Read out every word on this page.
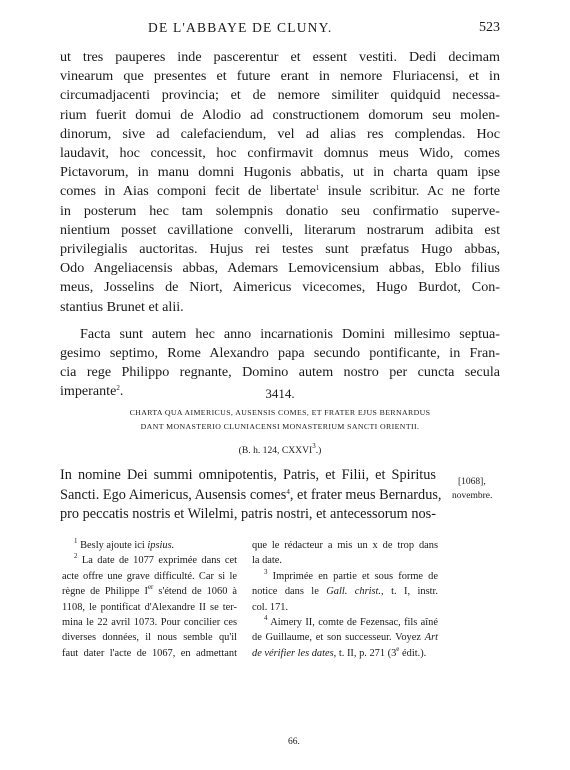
DE L'ABBAYE DE CLUNY.	523

ut tres pauperes inde pascerentur et essent vestiti. Dedi decimam
vinearum que presentes et future erant in nemore Fluriacensi, et in
circumadjacenti provincia; et de nemore similiter quidquid necessa-
rium fuerit domui de Alodio ad constructionem domorum seu molen-
dinorum, sive ad calefaciendum, vel ad alias res complendas. Hoc
laudavit, hoc concessit, hoc confirmavit domnus meus Wido, comes
Pictavorum, in manu domni Hugonis abbatis, ut in charta quam ipse
comes in Aias componi fecit de libertate$^1$ insule scribitur. Ac ne forte
in posterum hec tam solempnis donatio seu confirmatio superve-
nientium posset cavillatione convelli, literarum nostrarum adibita est
privilegialis auctoritas. Hujus rei testes sunt præfatus Hugo abbas,
Odo Angeliacensis abbas, Ademars Lemovicensium abbas, Eblo filius
meus, Josselins de Niort, Aimericus vicecomes, Hugo Burdot, Con-
stantius Brunet et alii.

Facta sunt autem hec anno incarnationis Domini millesimo septua-
gesimo septimo, Rome Alexandro papa secundo pontificante, in Fran-
cia rege Philippo regnante, Domino autem nostro per cuncta secula
imperante$^2$.	3414.
CHARTA QUA AIMERICUS, AUSENSIS COMES, ET FRATER EJUS BERNARDUS
DANT MONASTERIO CLUNIACENSI MONASTERIUM SANCTI ORIENTII.
(B. h. 124, CXXVI$^3$.)
In nomine Dei summi omnipotentis, Patris, et Filii, et Spiritus
Sancti. Ego Aimericus, Ausensis comes$^4$, et frater meus Bernardus,
pro peccatis nostris et Wilelmi, patris nostri, et antecessorum nos-
[1068],
novembre.
$^1$ Besly ajoute ici ipsius.
$^2$ La date de 1077 exprimée dans cet
acte offre une grave difficulté. Car si le
règne de Philippe Ier s'étend de 1060 à
1108, le pontificat d'Alexandre II se ter-
mina le 22 avril 1073. Pour concilier ces
diverses données, il nous semble qu'il
faut dater l'acte de 1067, en admettant
que le rédacteur a mis un x de trop dans
la date.
$^3$ Imprimée en partie et sous forme de
notice dans le Gall. christ., t. I, instr.
col. 171.
$^4$ Aimery II, comte de Fezensac, fils aîné
de Guillaume, et son successeur. Voyez Art
de vérifier les dates, t. II, p. 271 (3e édit.).
66.
